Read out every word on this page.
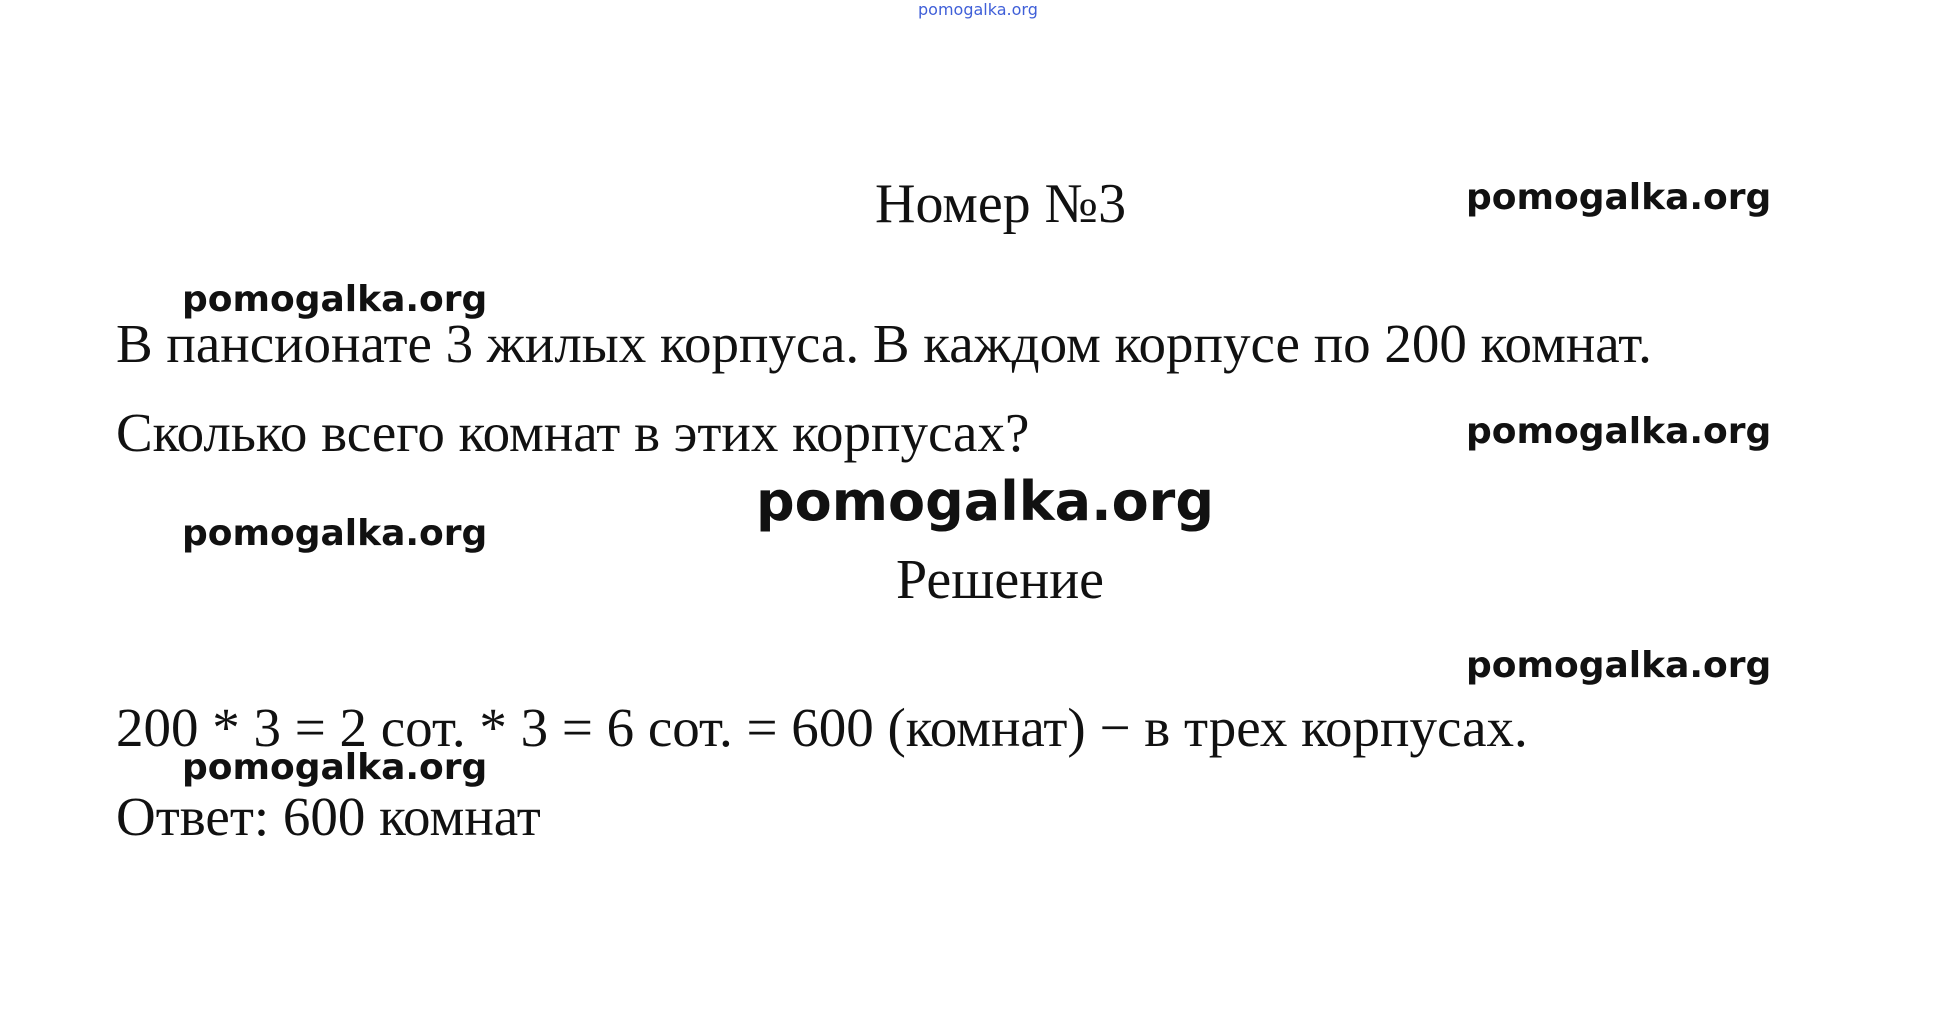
pomogalka.org
Номер №3	pomogalka.org
pomogalka.org
В пансионате 3 жилых корпуса. В каждом корпусе по 200 комнат.
Сколько всего комнат в этих корпусах?	pomogalka.org
pomogalka.org
pomogalka.org
Решение
pomogalka.org
200 * 3 = 2 сот. * 3 = 6 сот. = 600 (комнат) − в трех корпусах.
pomogalka.org
Ответ: 600 комнат
